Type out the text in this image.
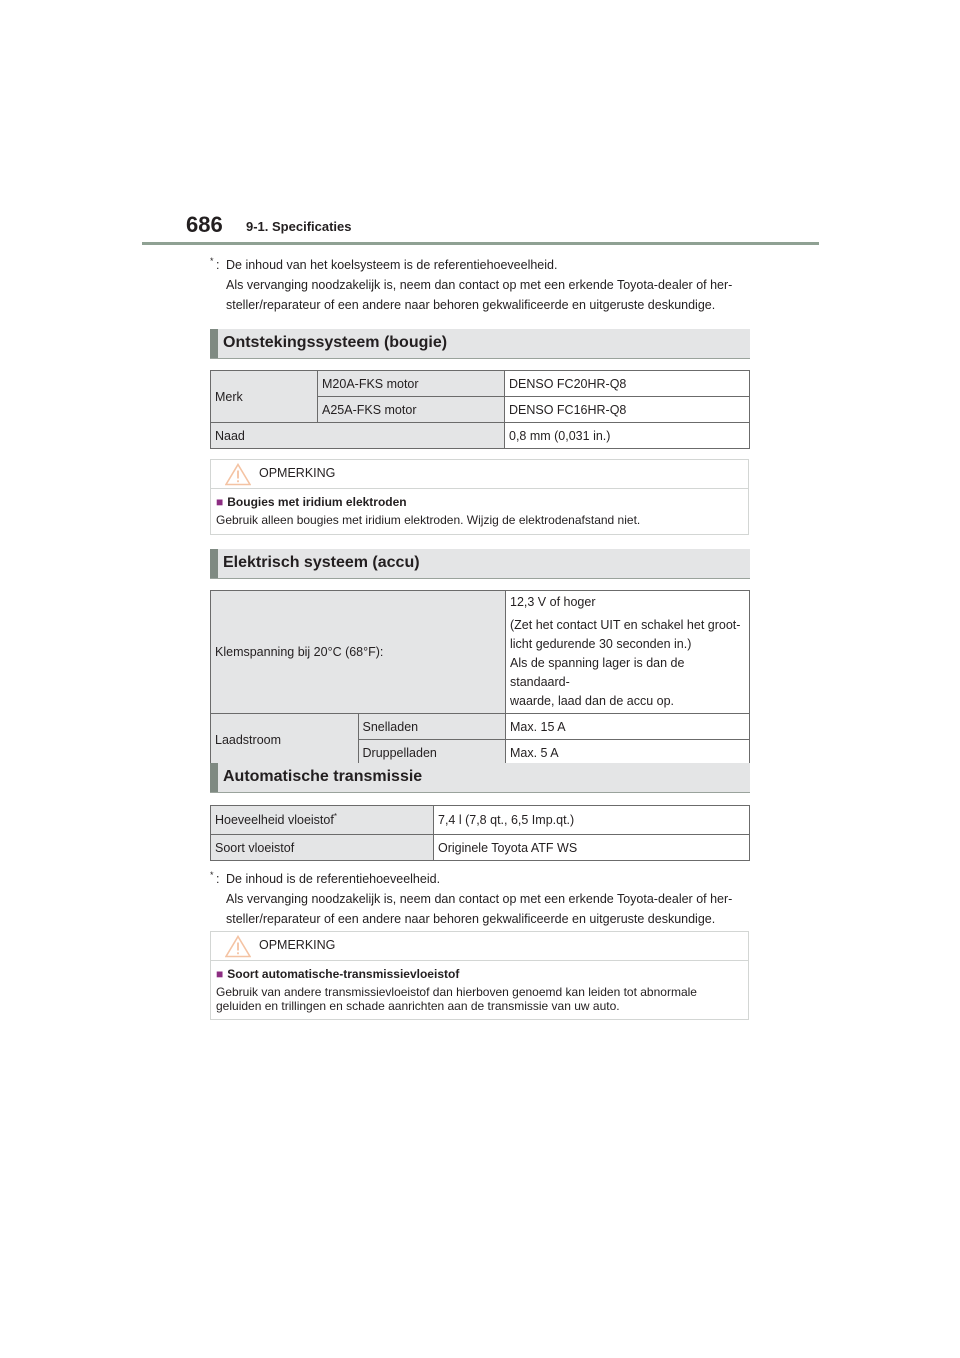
686 9-1. Specificaties
* : De inhoud van het koelsysteem is de referentiehoeveelheid.
Als vervanging noodzakelijk is, neem dan contact op met een erkende Toyota-dealer of her-
steller/reparateur of een andere naar behoren gekwalificeerde en uitgeruste deskundige.
Ontstekingssysteem (bougie)
Merk	M20A-FKS motor	DENSO FC20HR-Q8
	A25A-FKS motor	DENSO FC16HR-Q8
Naad		0,8 mm (0,031 in.)
OPMERKING
■ Bougies met iridium elektroden
Gebruik alleen bougies met iridium elektroden. Wijzig de elektrodenafstand niet.
Elektrisch systeem (accu)
Klemspanning bij 20°C (68°F):		12,3 V of hoger
(Zet het contact UIT en schakel het groot-
licht gedurende 30 seconden in.)
Als de spanning lager is dan de standaard-
waarde, laad dan de accu op.

Laadstroom	Snelladen	Max. 15 A
	Druppelladen	Max. 5 A
Automatische transmissie
Hoeveelheid vloeistof*	7,4 l (7,8 qt., 6,5 Imp.qt.)
Soort vloeistof	Originele Toyota ATF WS
* : De inhoud is de referentiehoeveelheid.
Als vervanging noodzakelijk is, neem dan contact op met een erkende Toyota-dealer of her-
steller/reparateur of een andere naar behoren gekwalificeerde en uitgeruste deskundige.
OPMERKING
■ Soort automatische-transmissievloeistof
Gebruik van andere transmissievloeistof dan hierboven genoemd kan leiden tot abnormale geluiden en trillingen en schade aanrichten aan de transmissie van uw auto.
